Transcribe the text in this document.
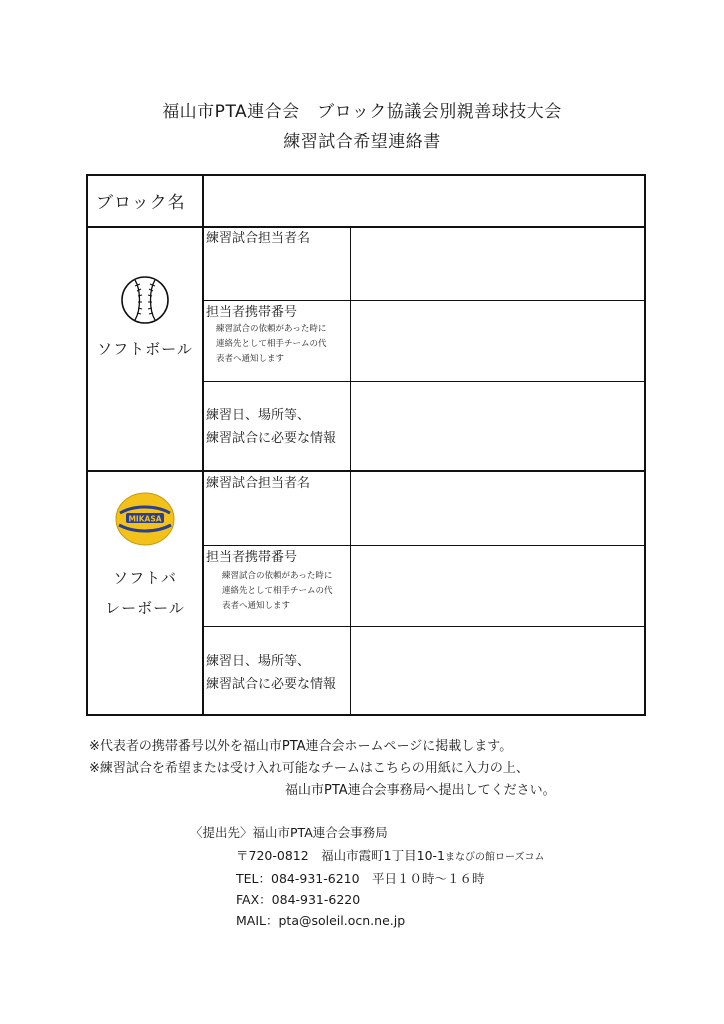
福山市PTA連合会　ブロック協議会別親善球技大会
練習試合希望連絡書
ブロック名
ソフトボール
練習試合担当者名
担当者携帯番号
練習試合の依頼があった時に
連絡先として相手チームの代
表者へ通知します
練習日、場所等、
練習試合に必要な情報
MIKASA
ソフトバ
レーボール
練習試合担当者名
担当者携帯番号
練習試合の依頼があった時に
連絡先として相手チームの代
表者へ通知します
練習日、場所等、
練習試合に必要な情報
※代表者の携帯番号以外を福山市PTA連合会ホームページに掲載します。
※練習試合を希望または受け入れ可能なチームはこちらの用紙に入力の上、
福山市PTA連合会事務局へ提出してください。
〈提出先〉福山市PTA連合会事務局
〒720-0812　福山市霞町1丁目10-1まなびの館ローズコム
TEL：084-931-6210　平日１０時～１６時
FAX：084-931-6220
MAIL：pta@soleil.ocn.ne.jp
